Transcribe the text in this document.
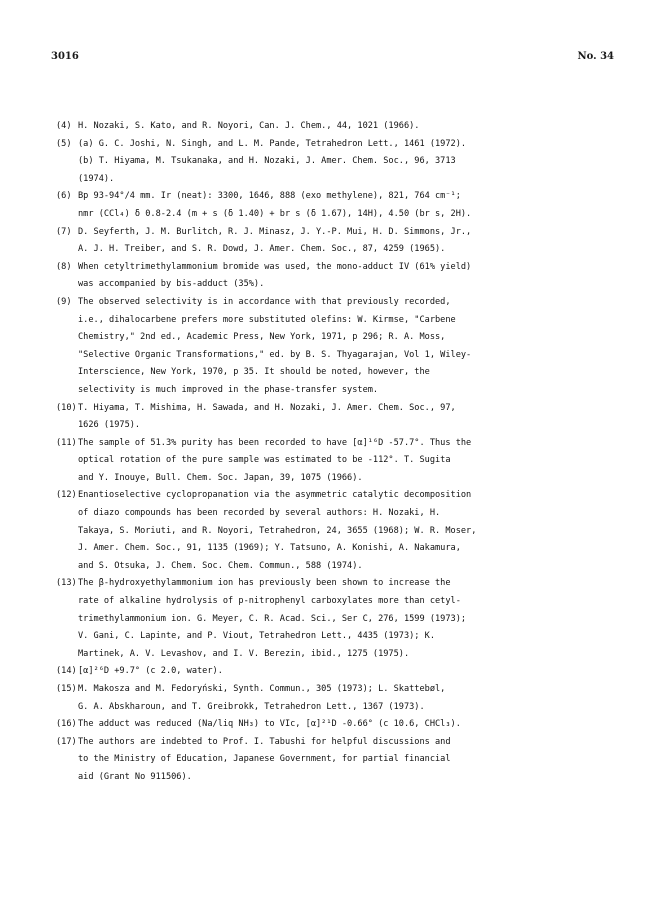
3016	No. 34
(4) H. Nozaki, S. Kato, and R. Noyori, Can. J. Chem., 44, 1021 (1966).
(5) (a) G. C. Joshi, N. Singh, and L. M. Pande, Tetrahedron Lett., 1461 (1972).
(b) T. Hiyama, M. Tsukanaka, and H. Nozaki, J. Amer. Chem. Soc., 96, 3713
(1974).
(6) Bp 93-94°/4 mm. Ir (neat): 3300, 1646, 888 (exo methylene), 821, 764 cm⁻¹;
nmr (CCl₄) δ 0.8-2.4 (m + s (δ 1.40) + br s (δ 1.67), 14H), 4.50 (br s, 2H).
(7) D. Seyferth, J. M. Burlitch, R. J. Minasz, J. Y.-P. Mui, H. D. Simmons, Jr.,
A. J. H. Treiber, and S. R. Dowd, J. Amer. Chem. Soc., 87, 4259 (1965).
(8) When cetyltrimethylammonium bromide was used, the mono-adduct IV (61% yield)
was accompanied by bis-adduct (35%).
(9) The observed selectivity is in accordance with that previously recorded,
i.e., dihalocarbene prefers more substituted olefins: W. Kirmse, "Carbene
Chemistry," 2nd ed., Academic Press, New York, 1971, p 296; R. A. Moss,
"Selective Organic Transformations," ed. by B. S. Thyagarajan, Vol 1, Wiley-
Interscience, New York, 1970, p 35. It should be noted, however, the
selectivity is much improved in the phase-transfer system.
(10) T. Hiyama, T. Mishima, H. Sawada, and H. Nozaki, J. Amer. Chem. Soc., 97,
1626 (1975).
(11) The sample of 51.3% purity has been recorded to have [α]¹⁶D -57.7°. Thus the
optical rotation of the pure sample was estimated to be -112°. T. Sugita
and Y. Inouye, Bull. Chem. Soc. Japan, 39, 1075 (1966).
(12) Enantioselective cyclopropanation via the asymmetric catalytic decomposition
of diazo compounds has been recorded by several authors: H. Nozaki, H.
Takaya, S. Moriuti, and R. Noyori, Tetrahedron, 24, 3655 (1968); W. R. Moser,
J. Amer. Chem. Soc., 91, 1135 (1969); Y. Tatsuno, A. Konishi, A. Nakamura,
and S. Otsuka, J. Chem. Soc. Chem. Commun., 588 (1974).
(13) The β-hydroxyethylammonium ion has previously been shown to increase the
rate of alkaline hydrolysis of p-nitrophenyl carboxylates more than cetyl-
trimethylammonium ion. G. Meyer, C. R. Acad. Sci., Ser C, 276, 1599 (1973);
V. Gani, C. Lapinte, and P. Viout, Tetrahedron Lett., 4435 (1973); K.
Martinek, A. V. Levashov, and I. V. Berezin, ibid., 1275 (1975).
(14) [α]²⁶D +9.7° (c 2.0, water).
(15) M. Makosza and M. Fedoryński, Synth. Commun., 305 (1973); L. Skattebøl,
G. A. Abskharoun, and T. Greibrokk, Tetrahedron Lett., 1367 (1973).
(16) The adduct was reduced (Na/liq NH₃) to VIc, [α]²¹D -0.66° (c 10.6, CHCl₃).
(17) The authors are indebted to Prof. I. Tabushi for helpful discussions and
to the Ministry of Education, Japanese Government, for partial financial
aid (Grant No 911506).
